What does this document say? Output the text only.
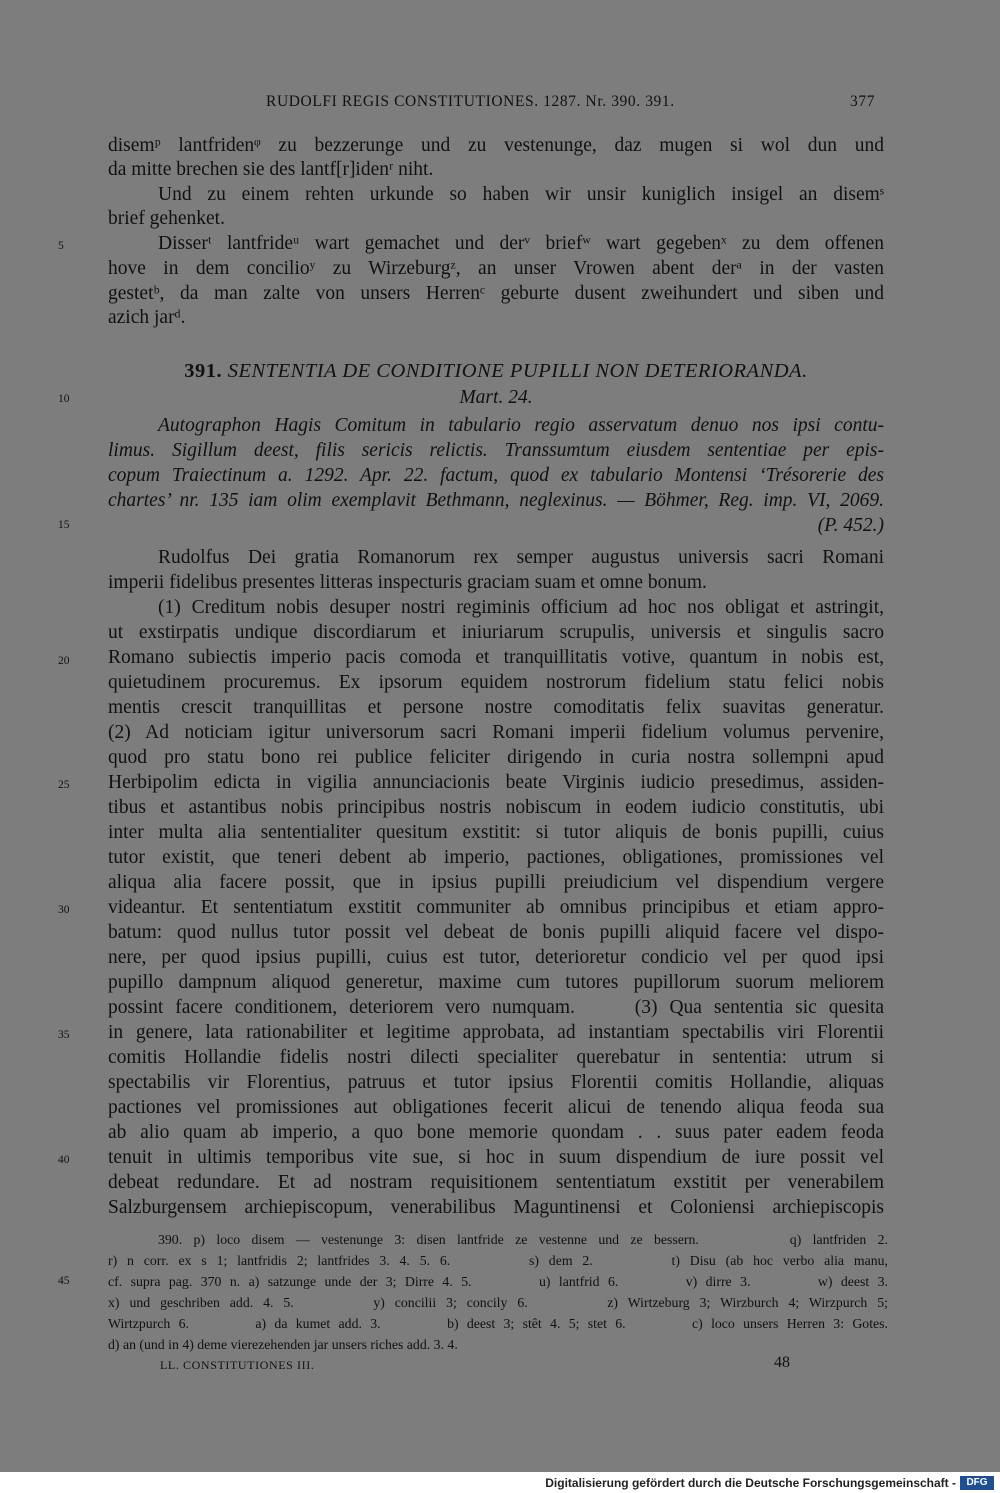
RUDOLFI REGIS CONSTITUTIONES. 1287. Nr. 390. 391.	377
disemᵖ lantfridenᵠ zu bezzerunge und zu vestenunge, daz mugen si wol dun und
da mitte brechen sie des lantf[r]idenʳ niht.
Und zu einem rehten urkunde so haben wir unsir kuniglich insigel an disemˢ
brief gehenket.
Disserᵗ lantfrideᵘ wart gemachet und derᵛ briefʷ wart gegebenˣ zu dem offenen
hove in dem concilioʸ zu Wirzeburgᶻ, an unser Vrowen abent derᵃ in der vasten
gestetᵇ, da man zalte von unsers Herrenᶜ geburte dusent zweihundert und siben und
azich jarᵈ.
391. SENTENTIA DE CONDITIONE PUPILLI NON DETERIORANDA.
Mart. 24.
Autographon Hagis Comitum in tabulario regio asservatum denuo nos ipsi contu-
limus. Sigillum deest, filis sericis relictis. Transsumtum eiusdem sententiae per epis-
copum Traiectinum a. 1292. Apr. 22. factum, quod ex tabulario Montensi ‘Trésorerie des
chartes’ nr. 135 iam olim exemplavit Bethmann, neglexinus. — Böhmer, Reg. imp. VI, 2069.
(P. 452.)
Rudolfus Dei gratia Romanorum rex semper augustus universis sacri Romani
imperii fidelibus presentes litteras inspecturis graciam suam et omne bonum.
(1) Creditum nobis desuper nostri regiminis officium ad hoc nos obligat et astringit,
ut exstirpatis undique discordiarum et iniuriarum scrupulis, universis et singulis sacro
Romano subiectis imperio pacis comoda et tranquillitatis votive, quantum in nobis est,
quietudinem procuremus. Ex ipsorum equidem nostrorum fidelium statu felici nobis
mentis crescit tranquillitas et persone nostre comoditatis felix suavitas generatur.
(2) Ad noticiam igitur universorum sacri Romani imperii fidelium volumus pervenire,
quod pro statu bono rei publice feliciter dirigendo in curia nostra sollempni apud
Herbipolim edicta in vigilia annunciacionis beate Virginis iudicio presedimus, assiden-
tibus et astantibus nobis principibus nostris nobiscum in eodem iudicio constitutis, ubi
inter multa alia sententialiter quesitum exstitit: si tutor aliquis de bonis pupilli, cuius
tutor existit, que teneri debent ab imperio, pactiones, obligationes, promissiones vel
aliqua alia facere possit, que in ipsius pupilli preiudicium vel dispendium vergere
videantur. Et sententiatum exstitit communiter ab omnibus principibus et etiam appro-
batum: quod nullus tutor possit vel debeat de bonis pupilli aliquid facere vel dispo-
nere, per quod ipsius pupilli, cuius est tutor, deterioretur condicio vel per quod ipsi
pupillo dampnum aliquod generetur, maxime cum tutores pupillorum suorum meliorem
possint facere conditionem, deteriorem vero numquam.     (3) Qua sententia sic quesita
in genere, lata rationabiliter et legitime approbata, ad instantiam spectabilis viri Florentii
comitis Hollandie fidelis nostri dilecti specialiter querebatur in sententia: utrum si
spectabilis vir Florentius, patruus et tutor ipsius Florentii comitis Hollandie, aliquas
pactiones vel promissiones aut obligationes fecerit alicui de tenendo aliqua feoda sua
ab alio quam ab imperio, a quo bone memorie quondam . . suus pater eadem feoda
tenuit in ultimis temporibus vite sue, si hoc in suum dispendium de iure possit vel
debeat redundare. Et ad nostram requisitionem sententiatum exstitit per venerabilem
Salzburgensem archiepiscopum, venerabilibus Maguntinensi et Coloniensi archiepiscopis
390. p) loco disem — vestenunge 3: disen lantfride ze vestenne und ze bessern.        q) lantfriden 2.
r) n corr. ex s 1; lantfridis 2; lantfrides 3. 4. 5. 6.        s) dem 2.        t) Disu (ab hoc verbo alia manu,
cf. supra pag. 370 n. a) satzunge unde der 3; Dirre 4. 5.        u) lantfrid 6.        v) dirre 3.        w) deest 3.
x) und geschriben add. 4. 5.        y) concilii 3; concily 6.        z) Wirtzeburg 3; Wirzburch 4; Wirzpurch 5;
Wirtzpurch 6.        a) da kumet add. 3.        b) deest 3; stêt 4. 5; stet 6.        c) loco unsers Herren 3: Gotes.
d) an (und in 4) deme vierezehenden jar unsers riches add. 3. 4.
5
10
15
20
25
30
35
40
45
LL. CONSTITUTIONES III.	48
Digitalisierung gefördert durch die Deutsche Forschungsgemeinschaft -	DFG
